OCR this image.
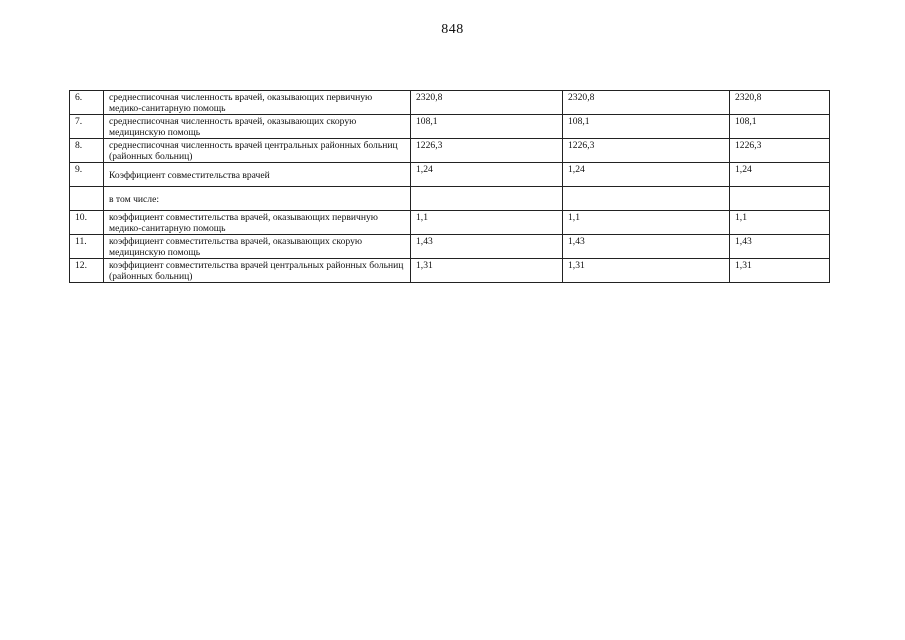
848
6.	среднесписочная численность врачей, оказывающих первичную медико-санитарную помощь	2320,8	2320,8	2320,8
7.	среднесписочная численность врачей, оказывающих скорую медицинскую помощь	108,1	108,1	108,1
8.	среднесписочная численность врачей центральных районных больниц (районных больниц)	1226,3	1226,3	1226,3
9.	Коэффициент совместительства врачей	1,24	1,24	1,24
	в том числе:			
10.	коэффициент совместительства врачей, оказывающих первичную медико-санитарную помощь	1,1	1,1	1,1
11.	коэффициент совместительства врачей, оказывающих скорую медицинскую помощь	1,43	1,43	1,43
12.	коэффициент совместительства врачей центральных районных больниц (районных больниц)	1,31	1,31	1,31
